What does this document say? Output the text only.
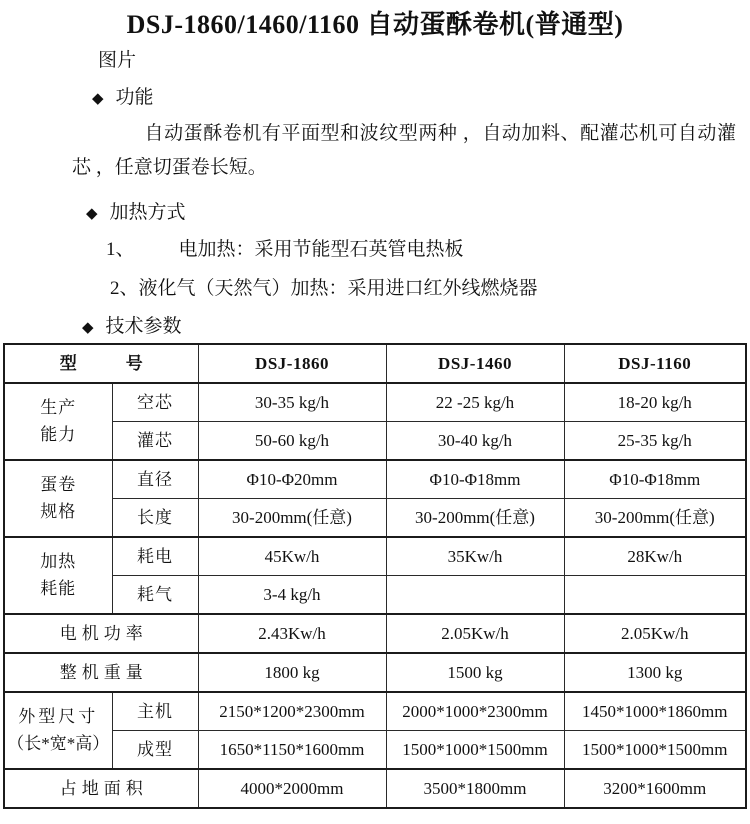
DSJ-1860/1460/1160 自动蛋酥卷机(普通型)
图片
◆ 功能

自动蛋酥卷机有平面型和波纹型两种 ，自动加料、配灌芯机可自动灌芯 ，任意切蛋卷长短。

◆ 加热方式
1、 电加热：采用节能型石英管电热板
2、液化气（天然气）加热：采用进口红外线燃烧器
◆ 技术参数
型　　号		DSJ-1860	DSJ-1460	DSJ-1160

生产
能力	空芯	30-35 kg/h	22 -25 kg/h	18-20 kg/h
	灌芯	50-60 kg/h	30-40 kg/h	25-35 kg/h

蛋卷
规格	直径	Φ10-Φ20mm	Φ10-Φ18mm	Φ10-Φ18mm
	长度	30-200mm(任意)	30-200mm(任意)	30-200mm(任意)

加热
耗能	耗电	45Kw/h	35Kw/h	28Kw/h
	耗气	3-4 kg/h		
电机功率		2.43Kw/h	2.05Kw/h	2.05Kw/h
整机重量		1800 kg	1500 kg	1300 kg

外型尺寸
（长*宽*高）	主机	2150*1200*2300mm	2000*1000*2300mm	1450*1000*1860mm
	成型	1650*1150*1600mm	1500*1000*1500mm	1500*1000*1500mm
占地面积		4000*2000mm	3500*1800mm	3200*1600mm
